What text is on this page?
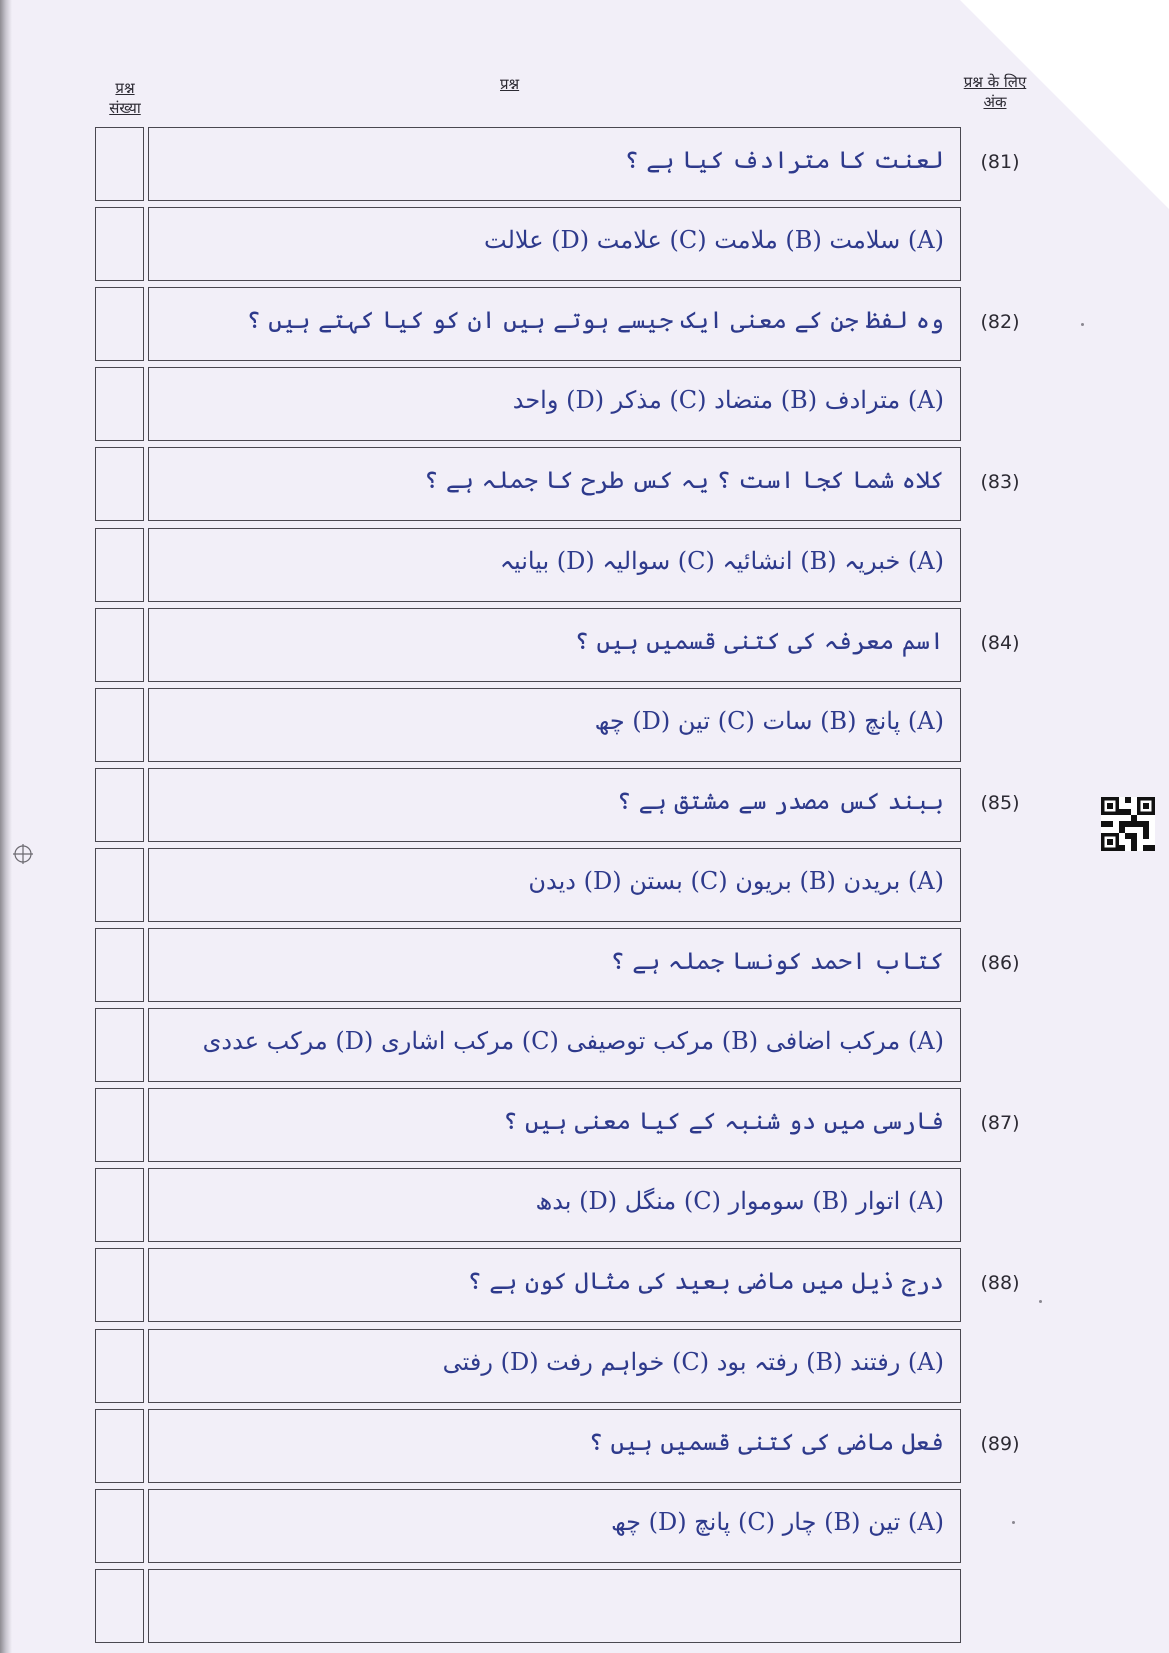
प्रश्न संख्या
प्रश्न	प्रश्न के लिए अंक
لعنت کا مترادف کیا ہے ؟
(A) سلامت (B) ملامت (C) علامت (D) علالت
وہ لفظ جن کے معنی ایک جیسے ہوتے ہیں ان کو کیا کہتے ہیں ؟
(A) مترادف (B) متضاد (C) مذکر (D) واحد
کلاہ شما کجا است ؟ یہ کس طرح کا جملہ ہے ؟
(A) خبریہ (B) انشائیہ (C) سوالیہ (D) بیانیہ
اسم معرفہ کی کتنی قسمیں ہیں ؟
(A) پانچ (B) سات (C) تین (D) چھ
ببند کس مصدر سے مشتق ہے ؟
(A) بریدن (B) بریون (C) بستن (D) دیدن
کتاب احمد کونسا جملہ ہے ؟
(A) مرکب اضافی (B) مرکب توصیفی (C) مرکب اشاری (D) مرکب عددی
فارسی میں دو شنبہ کے کیا معنی ہیں ؟
(A) اتوار (B) سوموار (C) منگل (D) بدھ
درج ذیل میں ماضی بعید کی مثال کون ہے ؟
(A) رفتند (B) رفتہ بود (C) خواہم رفت (D) رفتی
فعل ماضی کی کتنی قسمیں ہیں ؟
(A) تین (B) چار (C) پانچ (D) چھ
(81)
(82)
(83)
(84)
(85)
(86)
(87)
(88)
(89)
